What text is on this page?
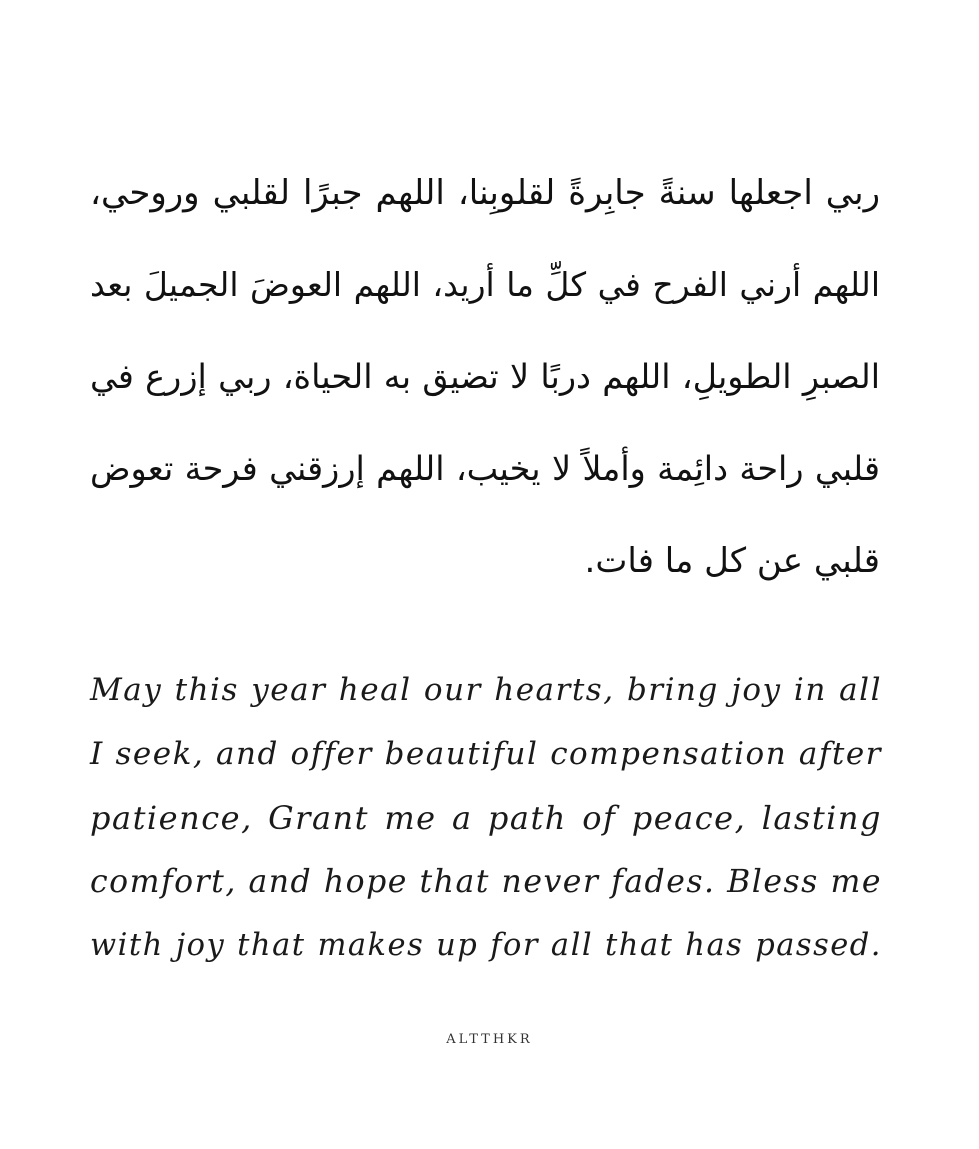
ربي اجعلها سنةً جابِرةً لقلوبِنا، اللهم جبرًا لقلبي وروحي،
اللهم أرني الفرح في كلِّ ما أريد، اللهم العوضَ الجميلَ بعد
الصبرِ الطويلِ، اللهم دربًا لا تضيق به الحياة، ربي إزرع في
قلبي راحة دائِمة وأملاً لا يخيب، اللهم إرزقني فرحة تعوض
قلبي عن كل ما فات.
May this year heal our hearts, bring joy in all
I seek, and offer beautiful compensation after
patience, Grant me a path of peace, lasting
comfort, and hope that never fades. Bless me
with joy that makes up for all that has passed.
ALTTHKR
